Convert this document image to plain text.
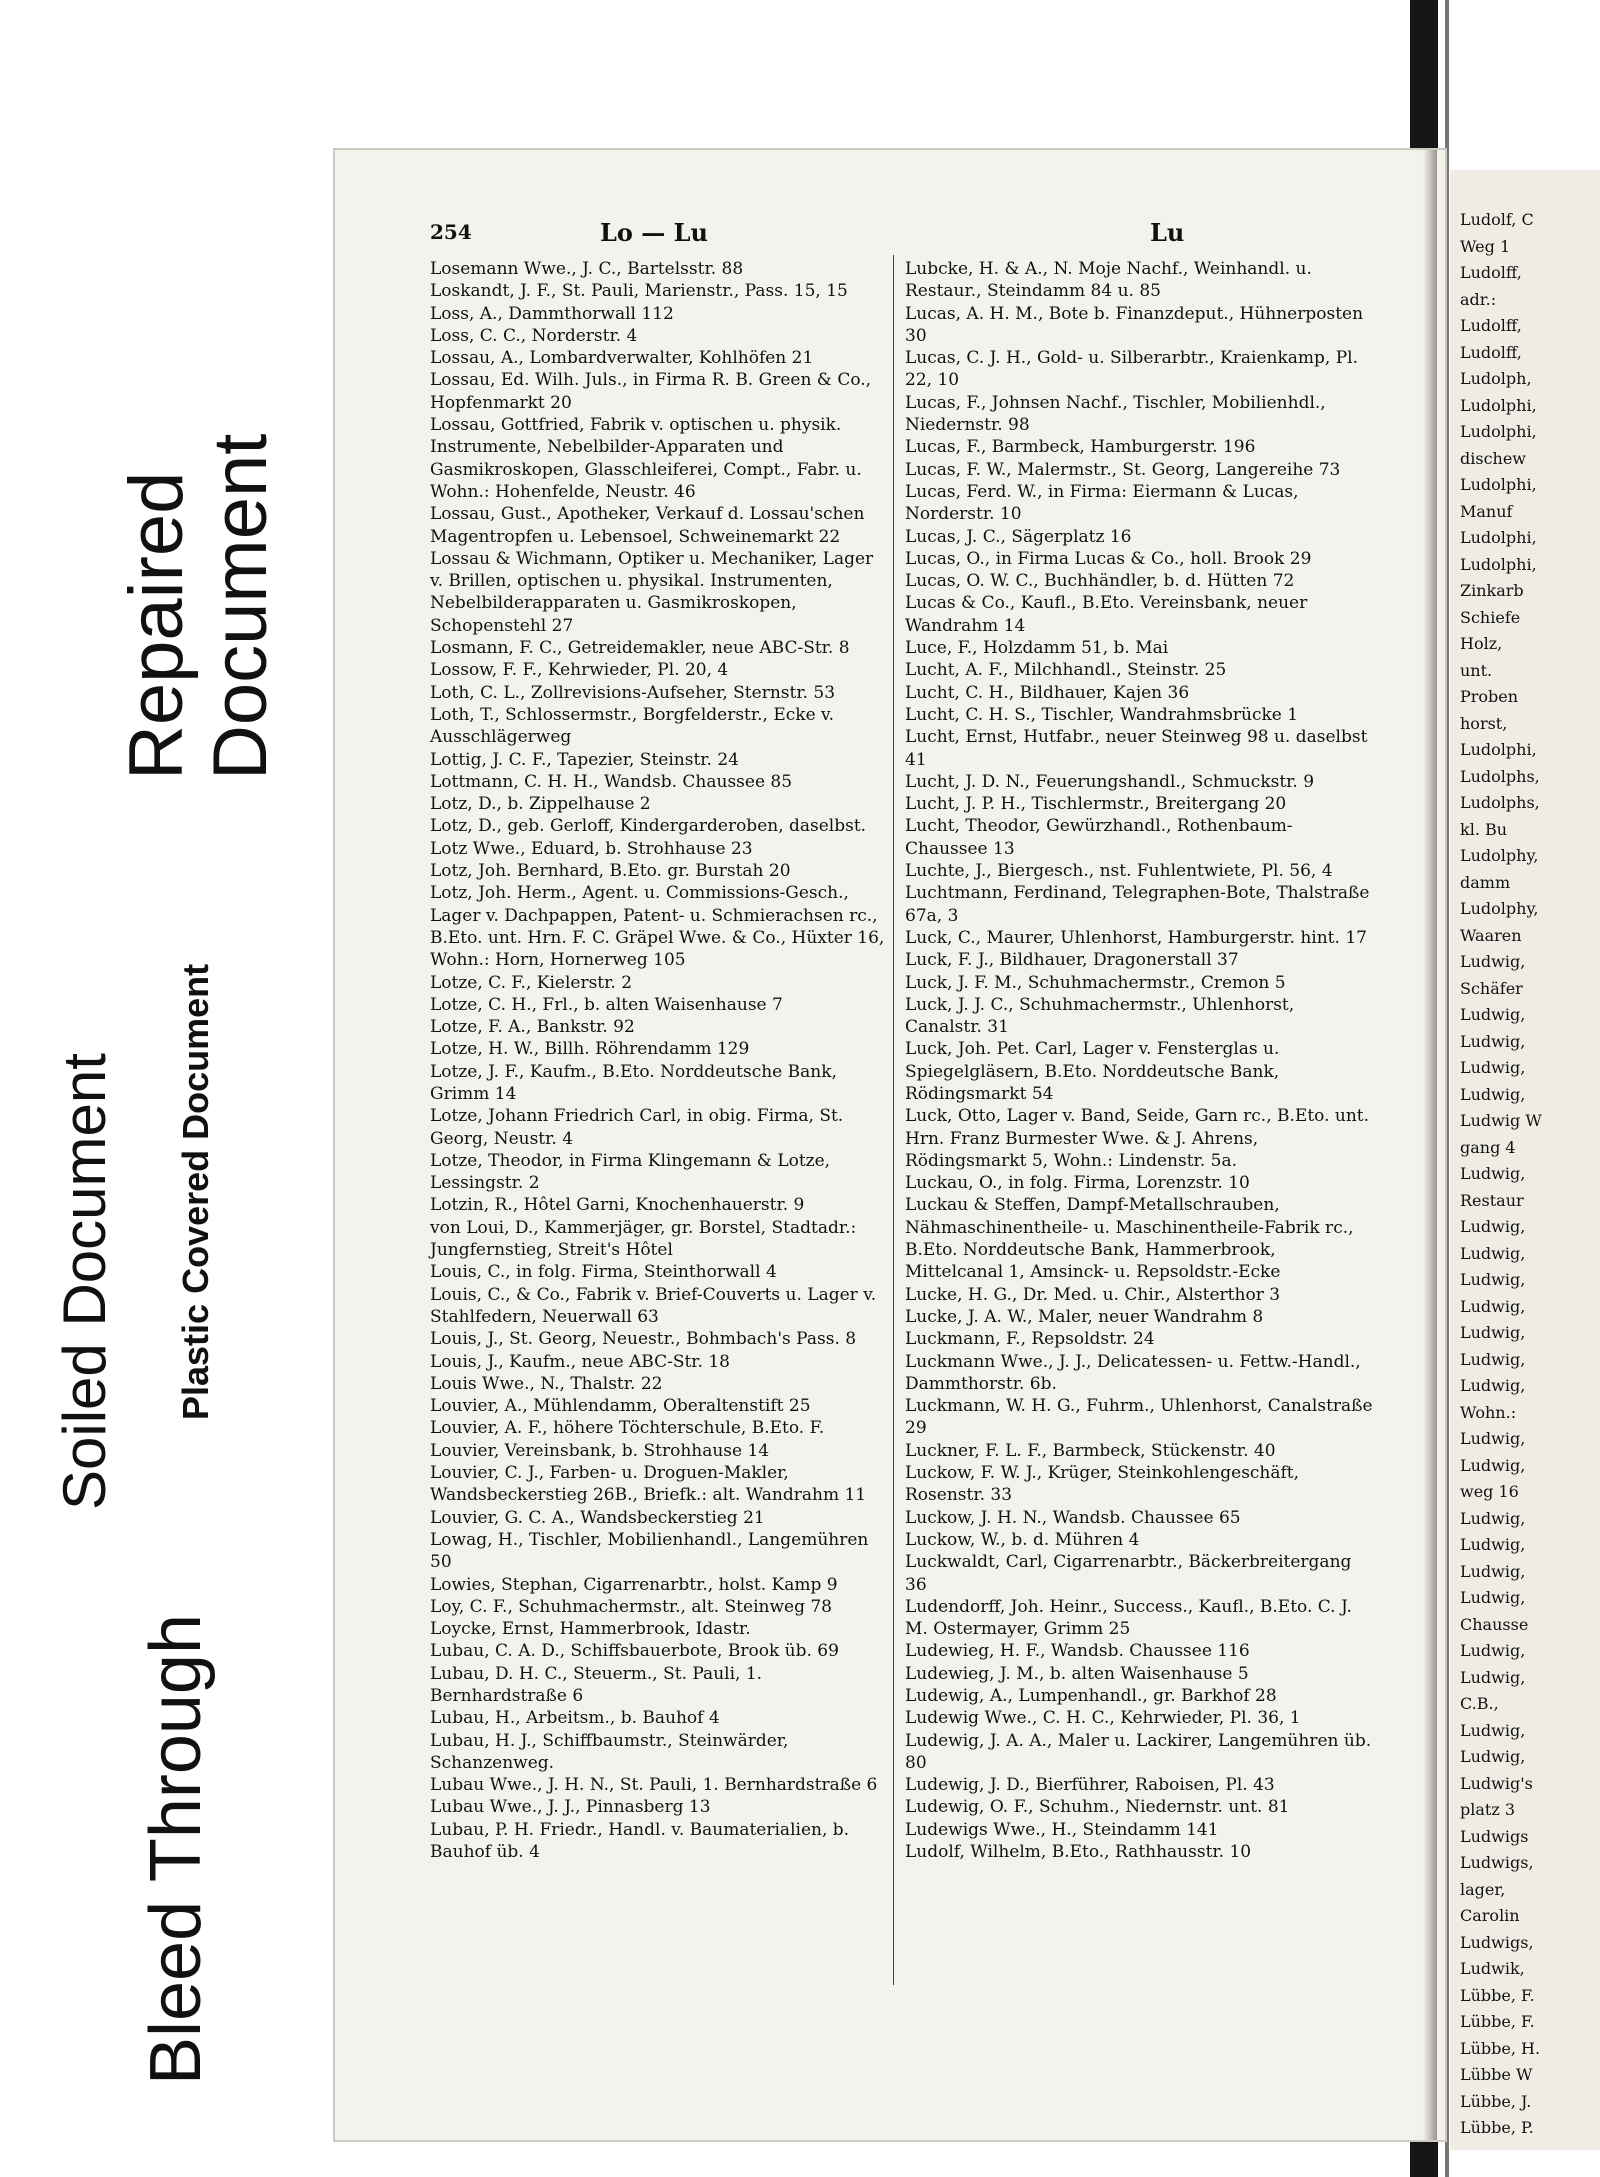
Soiled Document Plastic Covered Document
Bleed Through
Repaired Document
Ludolf, C
Weg 1
Ludolff,
adr.:
Ludolff,
Ludolff,
Ludolph,
Ludolphi,
Ludolphi,
dischew
Ludolphi,
Manuf
Ludolphi,
Ludolphi,
Zinkarb
Schiefe
Holz,
unt.
Proben
horst,
Ludolphi,
Ludolphs,
Ludolphs,
kl. Bu
Ludolphy,
damm
Ludolphy,
Waaren
Ludwig,
Schäfer
Ludwig,
Ludwig,
Ludwig,
Ludwig,
Ludwig W
gang 4
Ludwig,
Restaur
Ludwig,
Ludwig,
Ludwig,
Ludwig,
Ludwig,
Ludwig,
Ludwig,
Wohn.:
Ludwig,
Ludwig,
weg 16
Ludwig,
Ludwig,
Ludwig,
Ludwig,
Chausse
Ludwig,
Ludwig,
C.B.,
Ludwig,
Ludwig,
Ludwig's
platz 3
Ludwigs
Ludwigs,
lager,
Carolin
Ludwigs,
Ludwik,
Lübbe, F.
Lübbe, F.
Lübbe, H.
Lübbe W
Lübbe, J.
Lübbe, P.
254	Lo — Lu	Lu

Losemann Wwe., J. C., Bartelsstr. 88

Loskandt, J. F., St. Pauli, Marienstr., Pass. 15, 15

Loss, A., Dammthorwall 112

Loss, C. C., Norderstr. 4

Lossau, A., Lombardverwalter, Kohlhöfen 21

Lossau, Ed. Wilh. Juls., in Firma R. B. Green & Co., Hopfenmarkt 20

Lossau, Gottfried, Fabrik v. optischen u. physik. Instrumente, Nebelbilder-Apparaten und Gasmikroskopen, Glasschleiferei, Compt., Fabr. u. Wohn.: Hohenfelde, Neustr. 46

Lossau, Gust., Apotheker, Verkauf d. Lossau'schen Magentropfen u. Lebensoel, Schweinemarkt 22

Lossau & Wichmann, Optiker u. Mechaniker, Lager v. Brillen, optischen u. physikal. Instrumenten, Nebelbilderapparaten u. Gasmikroskopen, Schopenstehl 27

Losmann, F. C., Getreidemakler, neue ABC-Str. 8

Lossow, F. F., Kehrwieder, Pl. 20, 4

Loth, C. L., Zollrevisions-Aufseher, Sternstr. 53

Loth, T., Schlossermstr., Borgfelderstr., Ecke v. Ausschlägerweg

Lottig, J. C. F., Tapezier, Steinstr. 24

Lottmann, C. H. H., Wandsb. Chaussee 85

Lotz, D., b. Zippelhause 2

Lotz, D., geb. Gerloff, Kindergarderoben, daselbst.

Lotz Wwe., Eduard, b. Strohhause 23

Lotz, Joh. Bernhard, B.Eto. gr. Burstah 20

Lotz, Joh. Herm., Agent. u. Commissions-Gesch., Lager v. Dachpappen, Patent- u. Schmierachsen rc., B.Eto. unt. Hrn. F. C. Gräpel Wwe. & Co., Hüxter 16, Wohn.: Horn, Hornerweg 105

Lotze, C. F., Kielerstr. 2

Lotze, C. H., Frl., b. alten Waisenhause 7

Lotze, F. A., Bankstr. 92

Lotze, H. W., Billh. Röhrendamm 129

Lotze, J. F., Kaufm., B.Eto. Norddeutsche Bank, Grimm 14

Lotze, Johann Friedrich Carl, in obig. Firma, St. Georg, Neustr. 4

Lotze, Theodor, in Firma Klingemann & Lotze, Lessingstr. 2

Lotzin, R., Hôtel Garni, Knochenhauerstr. 9

von Loui, D., Kammerjäger, gr. Borstel, Stadtadr.: Jungfernstieg, Streit's Hôtel

Louis, C., in folg. Firma, Steinthorwall 4

Louis, C., & Co., Fabrik v. Brief-Couverts u. Lager v. Stahlfedern, Neuerwall 63

Louis, J., St. Georg, Neuestr., Bohmbach's Pass. 8

Louis, J., Kaufm., neue ABC-Str. 18

Louis Wwe., N., Thalstr. 22

Louvier, A., Mühlendamm, Oberaltenstift 25

Louvier, A. F., höhere Töchterschule, B.Eto. F. Louvier, Vereinsbank, b. Strohhause 14

Louvier, C. J., Farben- u. Droguen-Makler, Wandsbeckerstieg 26B., Briefk.: alt. Wandrahm 11

Louvier, G. C. A., Wandsbeckerstieg 21

Lowag, H., Tischler, Mobilienhandl., Langemühren 50

Lowies, Stephan, Cigarrenarbtr., holst. Kamp 9

Loy, C. F., Schuhmachermstr., alt. Steinweg 78

Loycke, Ernst, Hammerbrook, Idastr.

Lubau, C. A. D., Schiffsbauerbote, Brook üb. 69

Lubau, D. H. C., Steuerm., St. Pauli, 1. Bernhardstraße 6

Lubau, H., Arbeitsm., b. Bauhof 4

Lubau, H. J., Schiffbaumstr., Steinwärder, Schanzenweg.

Lubau Wwe., J. H. N., St. Pauli, 1. Bernhardstraße 6

Lubau Wwe., J. J., Pinnasberg 13

Lubau, P. H. Friedr., Handl. v. Baumaterialien, b. Bauhof üb. 4

Lubcke, H. & A., N. Moje Nachf., Weinhandl. u. Restaur., Steindamm 84 u. 85

Lucas, A. H. M., Bote b. Finanzdeput., Hühnerposten 30

Lucas, C. J. H., Gold- u. Silberarbtr., Kraienkamp, Pl. 22, 10

Lucas, F., Johnsen Nachf., Tischler, Mobilienhdl., Niedernstr. 98

Lucas, F., Barmbeck, Hamburgerstr. 196

Lucas, F. W., Malermstr., St. Georg, Langereihe 73

Lucas, Ferd. W., in Firma: Eiermann & Lucas, Norderstr. 10

Lucas, J. C., Sägerplatz 16

Lucas, O., in Firma Lucas & Co., holl. Brook 29

Lucas, O. W. C., Buchhändler, b. d. Hütten 72

Lucas & Co., Kaufl., B.Eto. Vereinsbank, neuer Wandrahm 14

Luce, F., Holzdamm 51, b. Mai

Lucht, A. F., Milchhandl., Steinstr. 25

Lucht, C. H., Bildhauer, Kajen 36

Lucht, C. H. S., Tischler, Wandrahmsbrücke 1

Lucht, Ernst, Hutfabr., neuer Steinweg 98 u. daselbst 41

Lucht, J. D. N., Feuerungshandl., Schmuckstr. 9

Lucht, J. P. H., Tischlermstr., Breitergang 20

Lucht, Theodor, Gewürzhandl., Rothenbaum-Chaussee 13

Luchte, J., Biergesch., nst. Fuhlentwiete, Pl. 56, 4

Luchtmann, Ferdinand, Telegraphen-Bote, Thalstraße 67a, 3

Luck, C., Maurer, Uhlenhorst, Hamburgerstr. hint. 17

Luck, F. J., Bildhauer, Dragonerstall 37

Luck, J. F. M., Schuhmachermstr., Cremon 5

Luck, J. J. C., Schuhmachermstr., Uhlenhorst, Canalstr. 31

Luck, Joh. Pet. Carl, Lager v. Fensterglas u. Spiegelgläsern, B.Eto. Norddeutsche Bank, Rödingsmarkt 54

Luck, Otto, Lager v. Band, Seide, Garn rc., B.Eto. unt. Hrn. Franz Burmester Wwe. & J. Ahrens, Rödingsmarkt 5, Wohn.: Lindenstr. 5a.

Luckau, O., in folg. Firma, Lorenzstr. 10

Luckau & Steffen, Dampf-Metallschrauben, Nähmaschinentheile- u. Maschinentheile-Fabrik rc., B.Eto. Norddeutsche Bank, Hammerbrook, Mittelcanal 1, Amsinck- u. Repsoldstr.-Ecke

Lucke, H. G., Dr. Med. u. Chir., Alsterthor 3

Lucke, J. A. W., Maler, neuer Wandrahm 8

Luckmann, F., Repsoldstr. 24

Luckmann Wwe., J. J., Delicatessen- u. Fettw.-Handl., Dammthorstr. 6b.

Luckmann, W. H. G., Fuhrm., Uhlenhorst, Canalstraße 29

Luckner, F. L. F., Barmbeck, Stückenstr. 40

Luckow, F. W. J., Krüger, Steinkohlengeschäft, Rosenstr. 33

Luckow, J. H. N., Wandsb. Chaussee 65

Luckow, W., b. d. Mühren 4

Luckwaldt, Carl, Cigarrenarbtr., Bäckerbreitergang 36

Ludendorff, Joh. Heinr., Success., Kaufl., B.Eto. C. J. M. Ostermayer, Grimm 25

Ludewieg, H. F., Wandsb. Chaussee 116

Ludewieg, J. M., b. alten Waisenhause 5

Ludewig, A., Lumpenhandl., gr. Barkhof 28

Ludewig Wwe., C. H. C., Kehrwieder, Pl. 36, 1

Ludewig, J. A. A., Maler u. Lackirer, Langemühren üb. 80

Ludewig, J. D., Bierführer, Raboisen, Pl. 43

Ludewig, O. F., Schuhm., Niedernstr. unt. 81

Ludewigs Wwe., H., Steindamm 141

Ludolf, Wilhelm, B.Eto., Rathhausstr. 10
